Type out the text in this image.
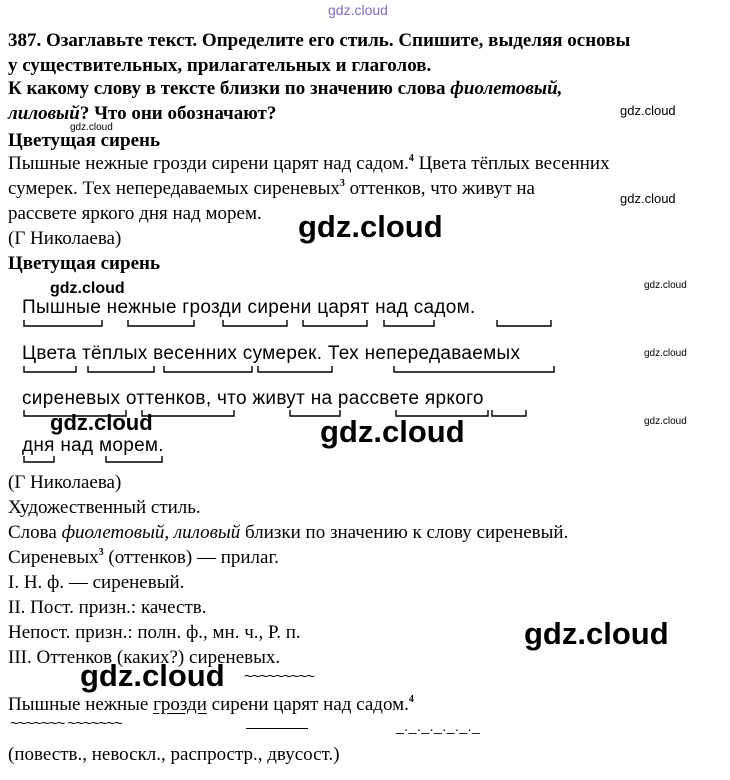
gdz.cloud
387. Озаглавьте текст. Определите его стиль. Спишите, выделяя основы
у существительных, прилагательных и глаголов.
К какому слову в тексте близки по значению слова фиолетовый,
лиловый? Что они обозначают?	gdz.cloud
gdz.cloud
Цветущая сирень
Пышные нежные грозди сирени царят над садом.$^4$ Цвета тёплых весенних
сумерек. Тех непередаваемых сиреневых$^3$ оттенков, что живут на
рассвете яркого дня над морем.
gdz.cloud
(Г Николаева)	gdz.cloud
Цветущая сирень
gdz.cloud	gdz.cloud
Пышные нежные грозди сирени царят над садом.
gdz.cloud
Цвета тёплых весенних сумерек. Тех непередаваемых
сиреневых оттенков, что живут на рассвете яркого
gdz.cloud
дня над морем.
gdz.cloud	gdz.cloud
(Г Николаева)
Художественный стиль.
Слова фиолетовый, лиловый близки по значению к слову сиреневый.
Сиреневых$^3$ (оттенков) — прилаг.
I. Н. ф. — сиреневый.
II. Пост. призн.: качеств.
Непост. призн.: полн. ф., мн. ч., Р. п.
III. Оттенков (каких?) сиреневых.
~~~~~~~~~
gdz.cloud
gdz.cloud
Пышные нежные грозди сирени царят над садом.$^4$
~~~~~~~ ~~~~~~~	_._._._._._._
(повеств., невоскл., распростр., двусост.)
